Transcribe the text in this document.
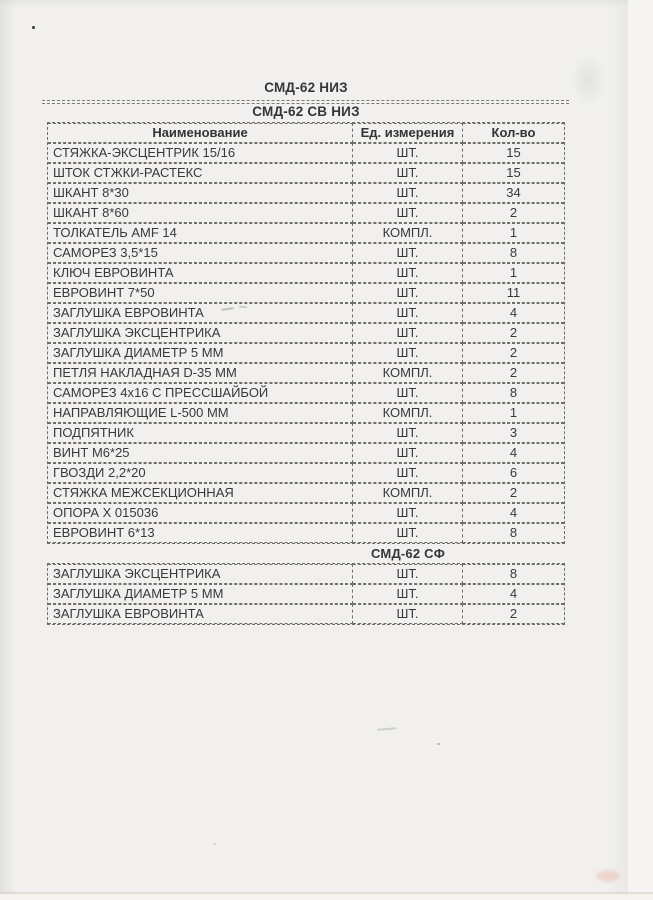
СМД-62 НИЗ
СМД-62 СВ НИЗ
Наименование	Ед. измерения	Кол-во
СТЯЖКА-ЭКСЦЕНТРИК 15/16	ШТ.	15
ШТОК СТЖКИ-РАСТЕКС	ШТ.	15
ШКАНТ 8*30	ШТ.	34
ШКАНТ 8*60	ШТ.	2
ТОЛКАТЕЛЬ AMF 14	КОМПЛ.	1
САМОРЕЗ 3,5*15	ШТ.	8
КЛЮЧ ЕВРОВИНТА	ШТ.	1
ЕВРОВИНТ 7*50	ШТ.	11
ЗАГЛУШКА ЕВРОВИНТА	ШТ.	4
ЗАГЛУШКА ЭКСЦЕНТРИКА	ШТ.	2
ЗАГЛУШКА ДИАМЕТР 5 ММ	ШТ.	2
ПЕТЛЯ НАКЛАДНАЯ D-35 ММ	КОМПЛ.	2
САМОРЕЗ 4х16 С ПРЕССШАЙБОЙ	ШТ.	8
НАПРАВЛЯЮЩИЕ L-500 ММ	КОМПЛ.	1
ПОДПЯТНИК	ШТ.	3
ВИНТ М6*25	ШТ.	4
ГВОЗДИ 2,2*20	ШТ.	6
СТЯЖКА МЕЖСЕКЦИОННАЯ	КОМПЛ.	2
ОПОРА Х 015036	ШТ.	4
ЕВРОВИНТ 6*13	ШТ.	8
СМД-62 СФ
ЗАГЛУШКА ЭКСЦЕНТРИКА	ШТ.	8
ЗАГЛУШКА ДИАМЕТР 5 ММ	ШТ.	4
ЗАГЛУШКА ЕВРОВИНТА	ШТ.	2
